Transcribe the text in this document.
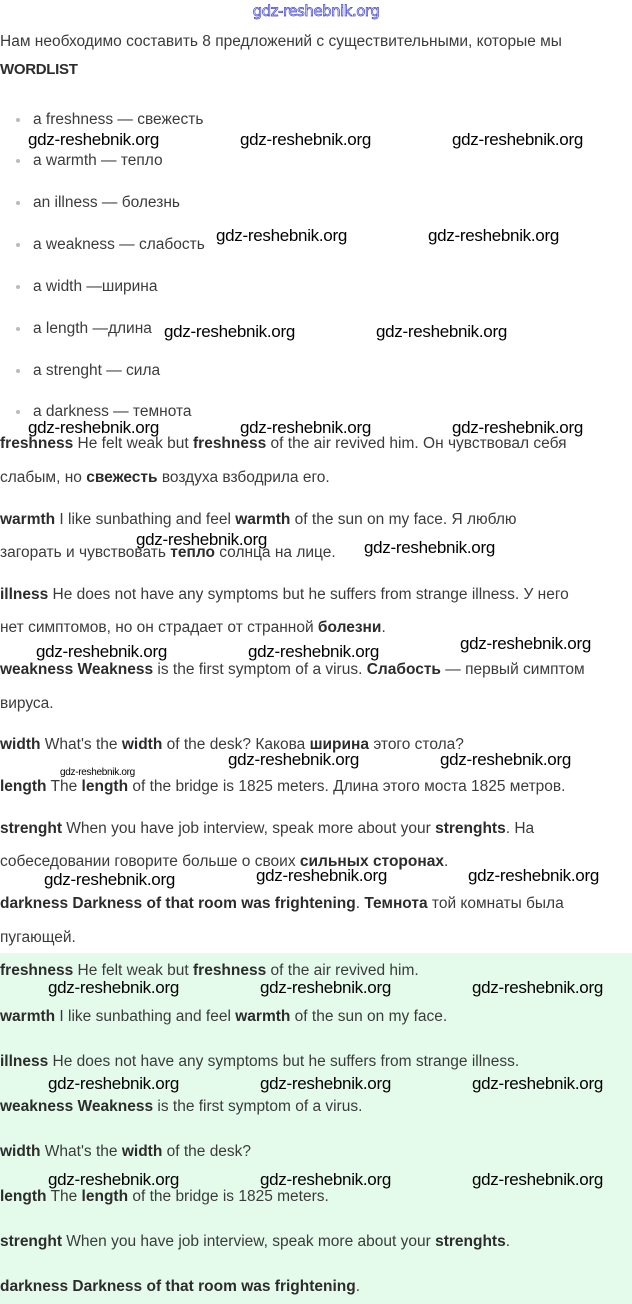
gdz-reshebnik.org
Нам необходимо составить 8 предложений с существительными, которые мы
WORDLIST
a freshness — свежесть
a warmth — тепло
an illness — болезнь
a weakness — слабость
a width —ширина
a length —длина
a strenght — сила
a darkness — темнота
freshness He felt weak but freshness of the air revived him. Он чувствовал себя
слабым, но свежесть воздуха взбодрила его.
warmth I like sunbathing and feel warmth of the sun on my face. Я люблю
загорать и чувствовать тепло солнца на лице.
illness He does not have any symptoms but he suffers from strange illness. У него
нет симптомов, но он страдает от странной болезни.
weakness Weakness is the first symptom of a virus. Слабость — первый симптом
вируса.
width What's the width of the desk? Какова ширина этого стола?
length The length of the bridge is 1825 meters. Длина этого моста 1825 метров.
strenght When you have job interview, speak more about your strenghts. На
собеседовании говорите больше о своих сильных сторонах.
darkness Darkness of that room was frightening. Темнота той комнаты была
пугающей.
freshness He felt weak but freshness of the air revived him.
warmth I like sunbathing and feel warmth of the sun on my face.
illness He does not have any symptoms but he suffers from strange illness.
weakness Weakness is the first symptom of a virus.
width What's the width of the desk?
length The length of the bridge is 1825 meters.
strenght When you have job interview, speak more about your strenghts.
darkness Darkness of that room was frightening.
gdz-reshebnik.org	gdz-reshebnik.org	gdz-reshebnik.org
gdz-reshebnik.org	gdz-reshebnik.org
gdz-reshebnik.org	gdz-reshebnik.org
gdz-reshebnik.org	gdz-reshebnik.org	gdz-reshebnik.org
gdz-reshebnik.org	gdz-reshebnik.org
gdz-reshebnik.org
gdz-reshebnik.org	gdz-reshebnik.org
gdz-reshebnik.org	gdz-reshebnik.org
gdz-reshebnik.org	gdz-reshebnik.org	gdz-reshebnik.org
gdz-reshebnik.org	gdz-reshebnik.org	gdz-reshebnik.org
gdz-reshebnik.org	gdz-reshebnik.org	gdz-reshebnik.org
gdz-reshebnik.org	gdz-reshebnik.org	gdz-reshebnik.org
gdz-reshebnik.org
